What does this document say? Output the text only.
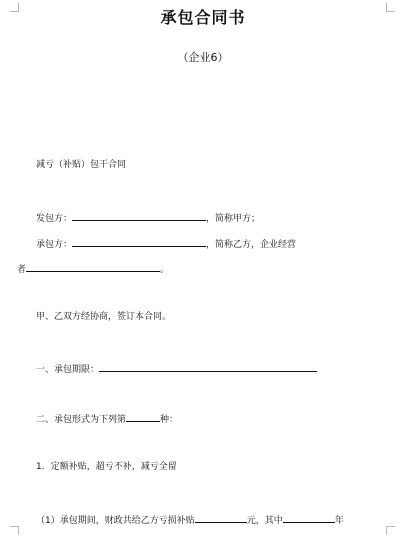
承包合同书
（企业6）
减亏（补贴）包干合同
发包方：	，简称甲方；
承包方：	，简称乙方，企业经营
者	。
甲、乙双方经协商，签订本合同。
一、承包期限：
二、承包形式为下列第	种：
1．定额补贴，超亏不补，减亏全留
（1）承包期间，财政共给乙方亏损补贴	元，其中	年
